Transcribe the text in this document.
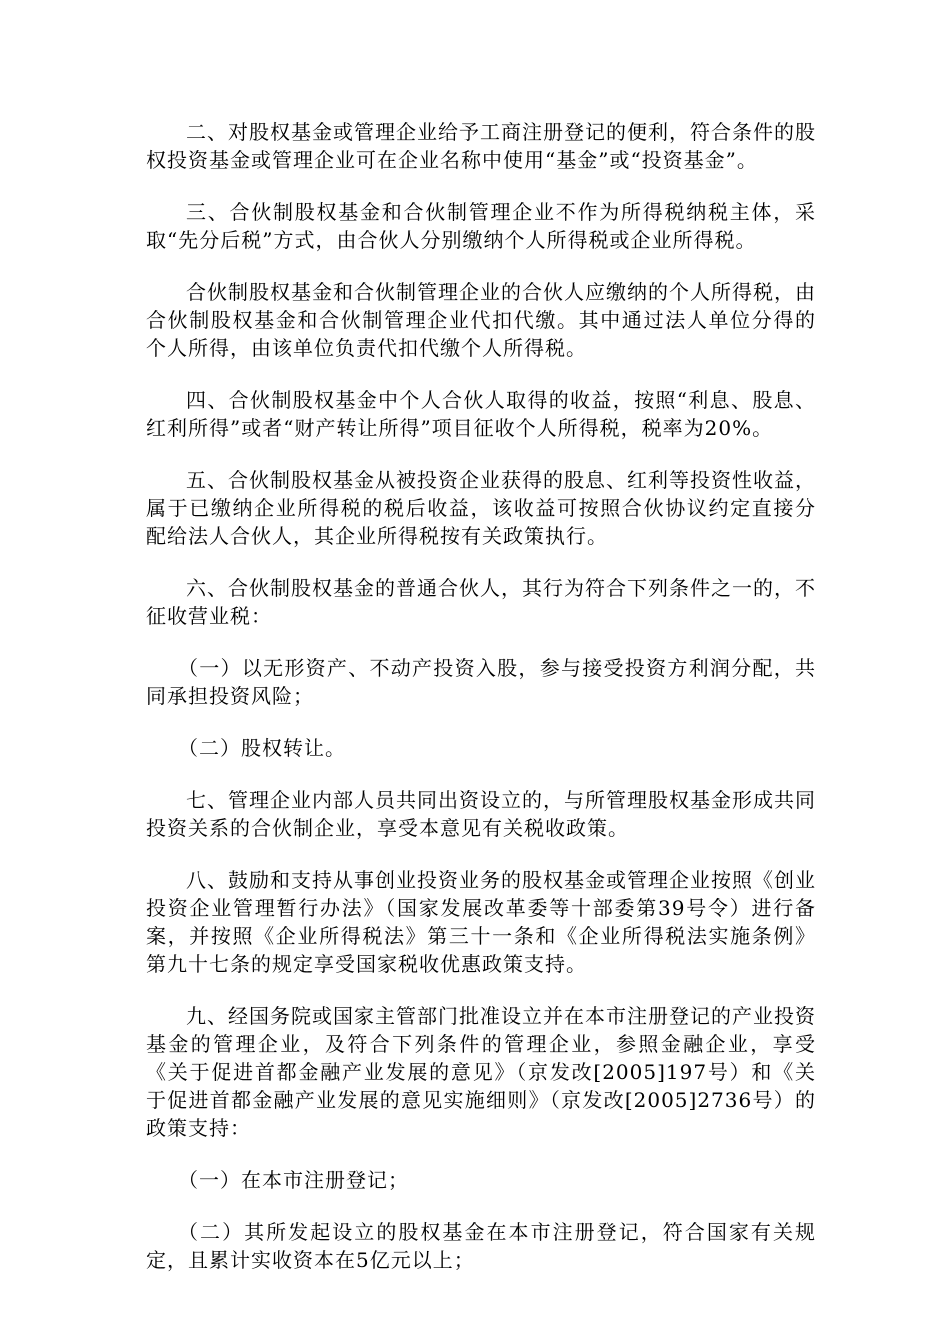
二、对股权基金或管理企业给予工商注册登记的便利，符合条件的股权投资基金或管理企业可在企业名称中使用“基金”或“投资基金”。

三、合伙制股权基金和合伙制管理企业不作为所得税纳税主体，采取“先分后税”方式，由合伙人分别缴纳个人所得税或企业所得税。

合伙制股权基金和合伙制管理企业的合伙人应缴纳的个人所得税，由合伙制股权基金和合伙制管理企业代扣代缴。其中通过法人单位分得的个人所得，由该单位负责代扣代缴个人所得税。

四、合伙制股权基金中个人合伙人取得的收益，按照“利息、股息、红利所得”或者“财产转让所得”项目征收个人所得税，税率为20%。

五、合伙制股权基金从被投资企业获得的股息、红利等投资性收益，属于已缴纳企业所得税的税后收益，该收益可按照合伙协议约定直接分配给法人合伙人，其企业所得税按有关政策执行。

六、合伙制股权基金的普通合伙人，其行为符合下列条件之一的，不征收营业税：

（一）以无形资产、不动产投资入股，参与接受投资方利润分配，共同承担投资风险；

（二）股权转让。

七、管理企业内部人员共同出资设立的，与所管理股权基金形成共同投资关系的合伙制企业，享受本意见有关税收政策。

八、鼓励和支持从事创业投资业务的股权基金或管理企业按照《创业投资企业管理暂行办法》（国家发展改革委等十部委第39号令）进行备案，并按照《企业所得税法》第三十一条和《企业所得税法实施条例》第九十七条的规定享受国家税收优惠政策支持。

九、经国务院或国家主管部门批准设立并在本市注册登记的产业投资基金的管理企业，及符合下列条件的管理企业，参照金融企业，享受《关于促进首都金融产业发展的意见》（京发改[2005]197号）和《关于促进首都金融产业发展的意见实施细则》（京发改[2005]2736号）的政策支持：

（一）在本市注册登记；

（二）其所发起设立的股权基金在本市注册登记，符合国家有关规定，且累计实收资本在5亿元以上；
